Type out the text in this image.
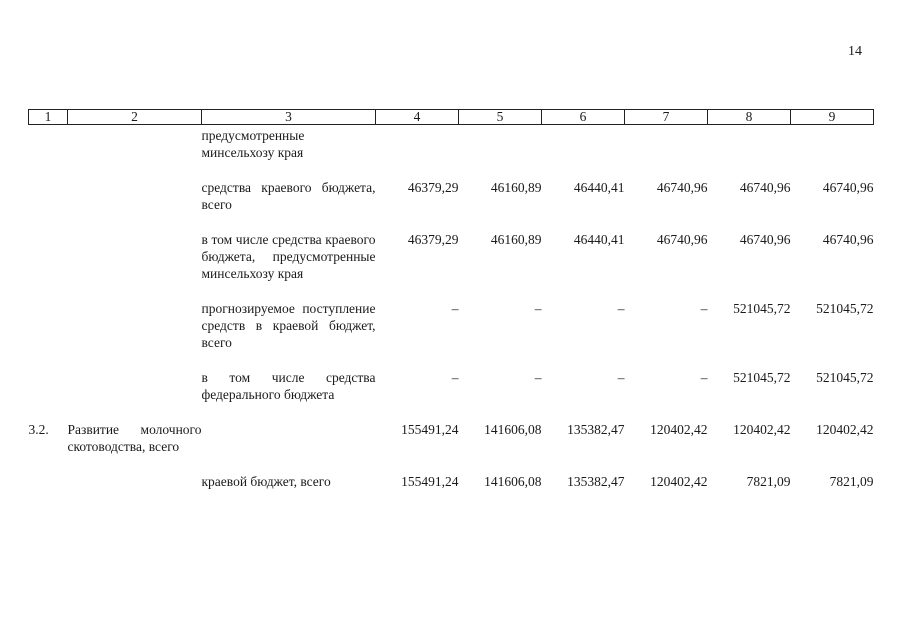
14
1	2	3	4	5	6	7	8	9
		предусмотренные минсельхозу края						
		средства краевого бюджета, всего	46379,29	46160,89	46440,41	46740,96	46740,96	46740,96
		в том числе средства краевого бюджета, предусмотренные минсельхозу края	46379,29	46160,89	46440,41	46740,96	46740,96	46740,96
		прогнозируемое поступление средств в краевой бюджет, всего	–	–	–	–	521045,72	521045,72
		в том числе средства федерального бюджета	–	–	–	–	521045,72	521045,72
3.2.	Развитие молочного скотоводства, всего		155491,24	141606,08	135382,47	120402,42	120402,42	120402,42
		краевой бюджет, всего	155491,24	141606,08	135382,47	120402,42	7821,09	7821,09
